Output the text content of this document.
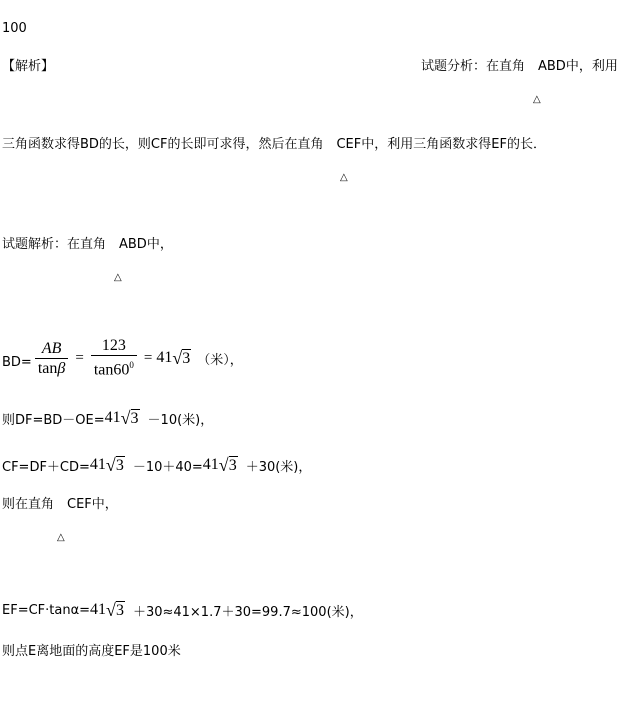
100
【解析】	试题分析：在直角　ABD中，利用
△
三角函数求得BD的长，则CF的长即可求得，然后在直角　CEF中，利用三角函数求得EF的长．
△
试题解析：在直角　ABD中，
△
$BD= \frac{AB}{\tan\beta} = \frac{123}{\tan 60^0} = 41$ √ 3 （米），
则DF=BD－OE= 41 √ 3 －10(米)，
CF=DF＋CD= 41 √ 3 －10＋40= 41 √ 3 ＋30(米)，
则在直角　CEF中，
△
EF=CF·tanα= 41 √ 3 ＋30≈41×1.7＋30=99.7≈100(米)，
则点E离地面的高度EF是100米
